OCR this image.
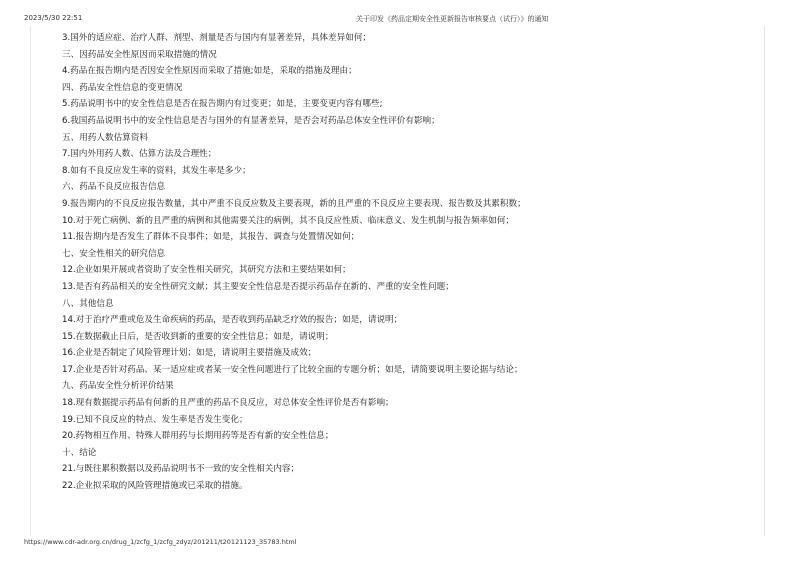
2023/5/30 22:51	关于印发《药品定期安全性更新报告审核要点（试行）》的通知
3.国外的适应症、治疗人群、剂型、剂量是否与国内有显著差异，具体差异如何；
三、因药品安全性原因而采取措施的情况
4.药品在报告期内是否因安全性原因而采取了措施;如是，采取的措施及理由；
四、药品安全性信息的变更情况
5.药品说明书中的安全性信息是否在报告期内有过变更；如是，主要变更内容有哪些;
6.我国药品说明书中的安全性信息是否与国外的有显著差异，是否会对药品总体安全性评价有影响；
五、用药人数估算资料
7.国内外用药人数、估算方法及合理性；
8.如有不良反应发生率的资料，其发生率是多少；
六、药品不良反应报告信息
9.报告期内的不良反应报告数量，其中严重不良反应数及主要表现，新的且严重的不良反应主要表现、报告数及其累积数；
10.对于死亡病例、新的且严重的病例和其他需要关注的病例，其不良反应性质、临床意义、发生机制与报告频率如何；
11.报告期内是否发生了群体不良事件；如是，其报告、调查与处置情况如何；
七、安全性相关的研究信息
12.企业如果开展或者资助了安全性相关研究，其研究方法和主要结果如何；
13.是否有药品相关的安全性研究文献；其主要安全性信息是否提示药品存在新的、严重的安全性问题；
八、其他信息
14.对于治疗严重或危及生命疾病的药品，是否收到药品缺乏疗效的报告；如是，请说明；
15.在数据截止日后，是否收到新的重要的安全性信息；如是，请说明；
16.企业是否制定了风险管理计划；如是，请说明主要措施及成效；
17.企业是否针对药品、某一适应症或者某一安全性问题进行了比较全面的专题分析；如是，请简要说明主要论据与结论；
九、药品安全性分析评价结果
18.现有数据提示药品有何新的且严重的药品不良反应，对总体安全性评价是否有影响；
19.已知不良反应的特点、发生率是否发生变化；
20.药物相互作用、特殊人群用药与长期用药等是否有新的安全性信息；
十、结论
21.与既往累积数据以及药品说明书不一致的安全性相关内容；
22.企业拟采取的风险管理措施或已采取的措施。
https://www.cdr-adr.org.cn/drug_1/zcfg_1/zcfg_zdyz/201211/t20121123_35783.html
